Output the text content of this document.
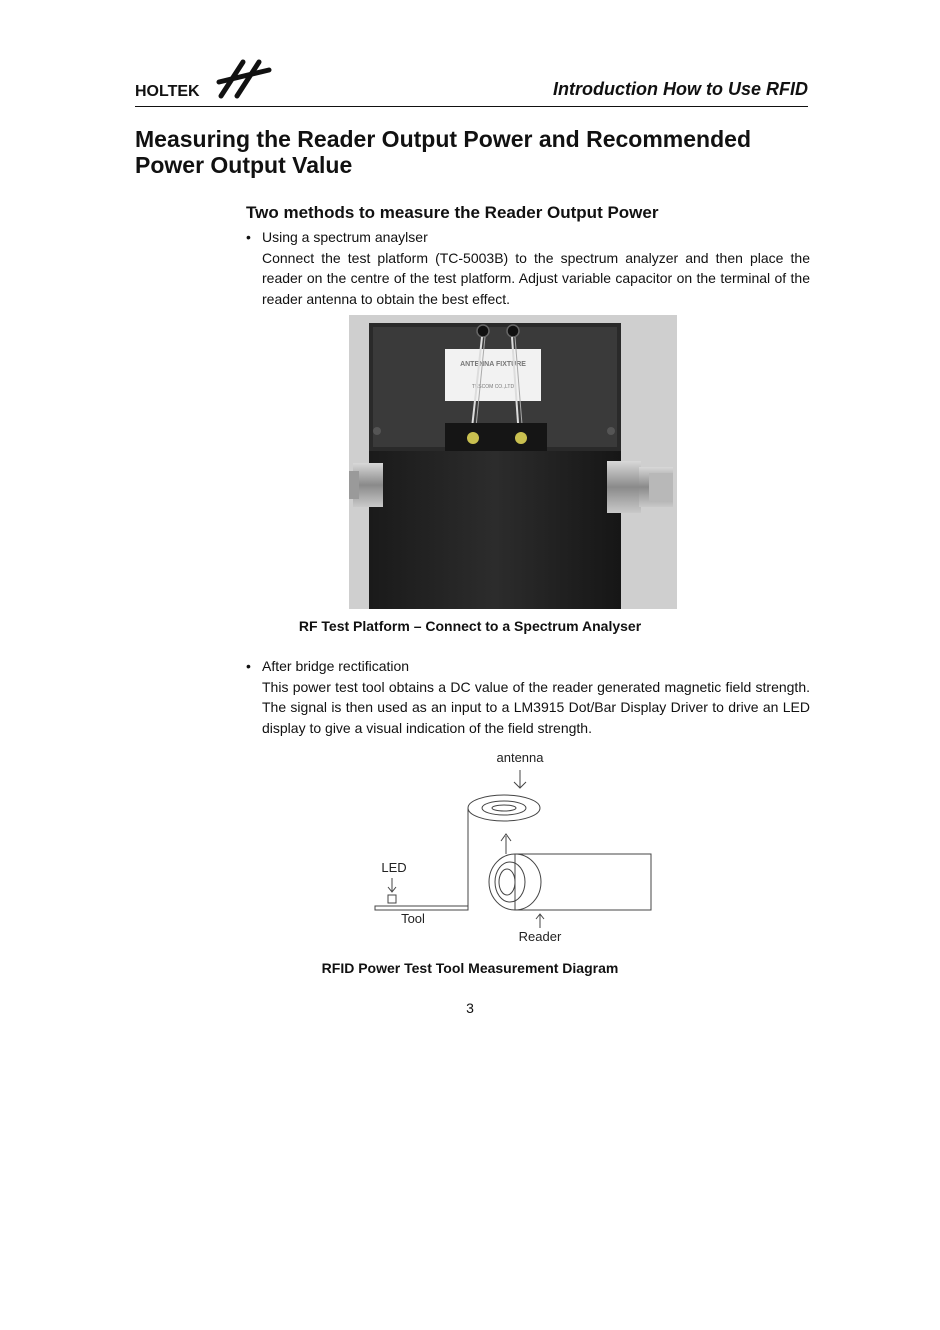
HOLTEK	Introduction How to Use RFID
Measuring the Reader Output Power and Recommended Power Output Value
Two methods to measure the Reader Output Power
• Using a spectrum anaylser
Connect the test platform (TC-5003B) to the spectrum analyzer and then place the reader on the centre of the test platform. Adjust variable capacitor on the terminal of the reader antenna to obtain the best effect.
ANTENNA FIXTURE
TESCOM CO.,LTD
RF Test Platform – Connect to a Spectrum Analyser
• After bridge rectification
This power test tool obtains a DC value of the reader generated magnetic field strength. The signal is then used as an input to a LM3915 Dot/Bar Display Driver to drive an LED display to give a visual indication of the field strength.
antenna
LED
Tool
Reader
RFID Power Test Tool Measurement Diagram
3
